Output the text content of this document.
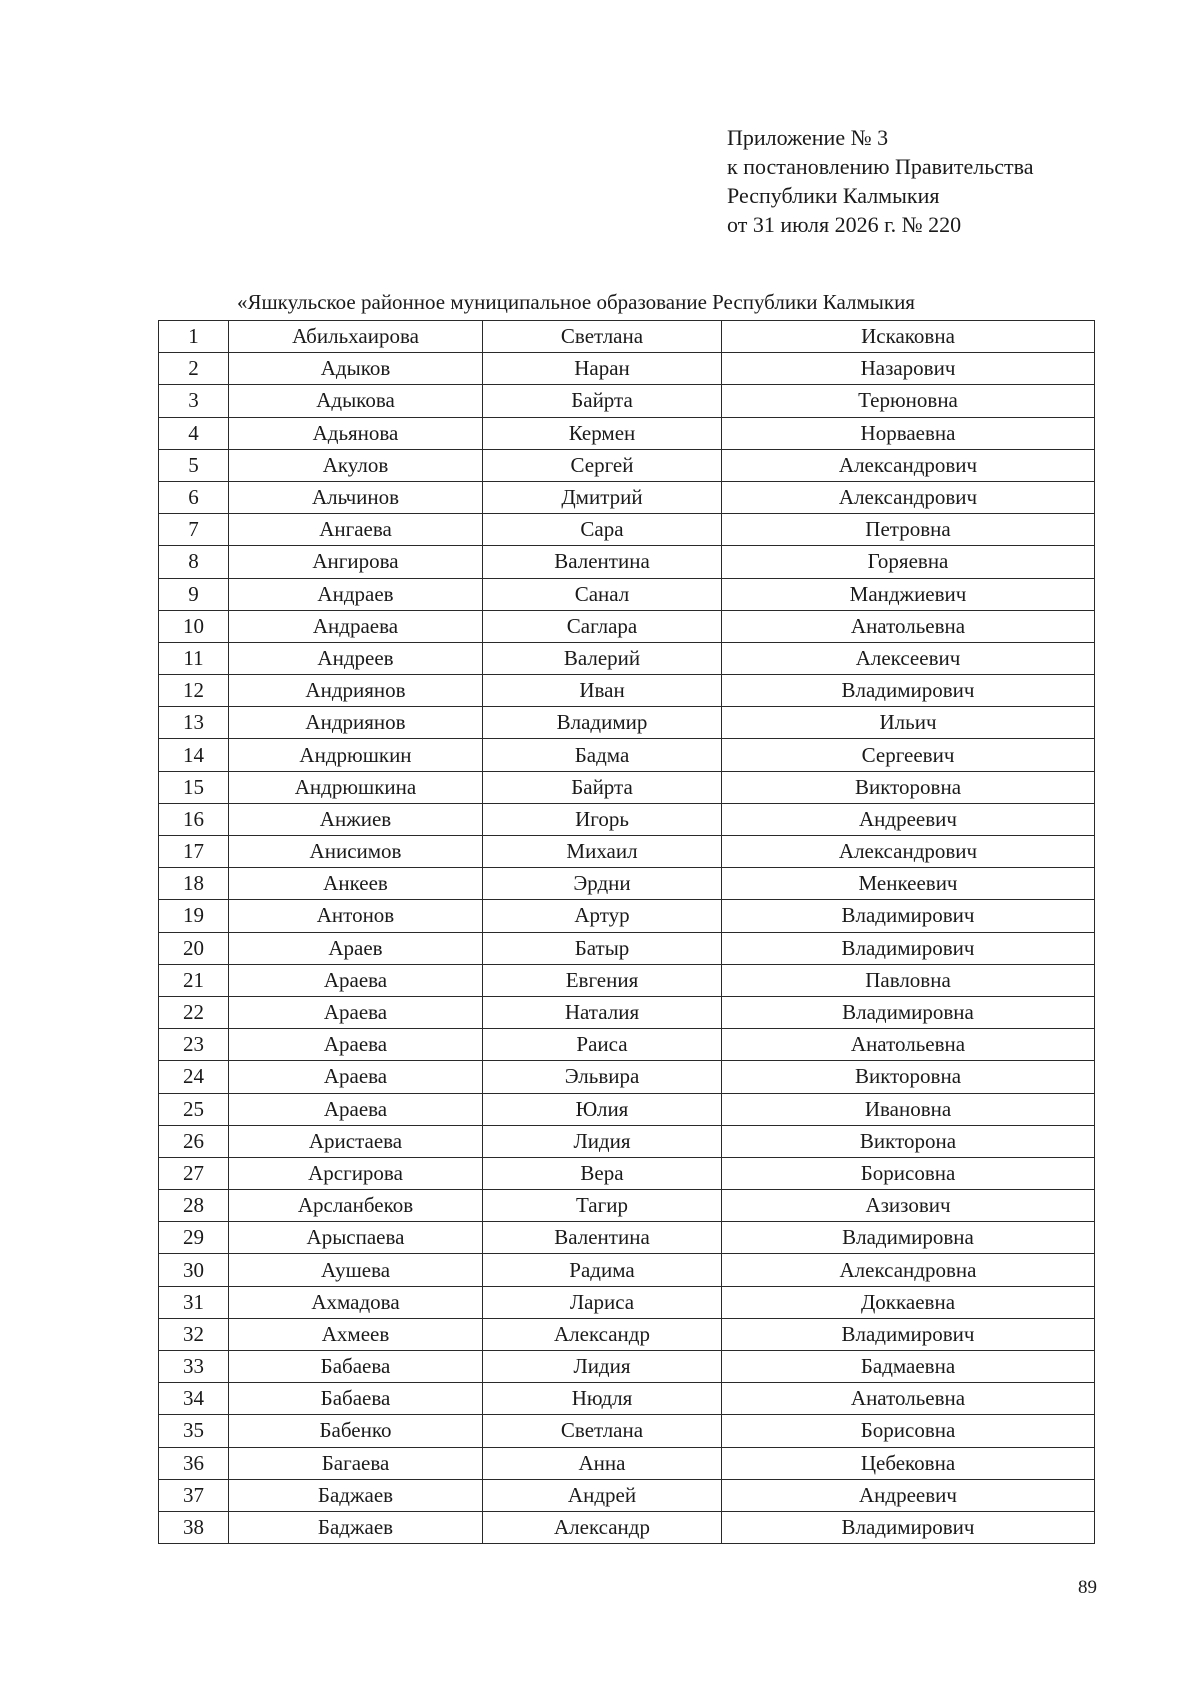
Приложение № 3
к постановлению Правительства
Республики Калмыкия
от 31 июля 2026 г. № 220
«Яшкульское районное муниципальное образование Республики Калмыкия
1	Абильхаирова	Светлана	Искаковна
2	Адыков	Наран	Назарович
3	Адыкова	Байрта	Терюновна
4	Адьянова	Кермен	Норваевна
5	Акулов	Сергей	Александрович
6	Альчинов	Дмитрий	Александрович
7	Ангаева	Сара	Петровна
8	Ангирова	Валентина	Горяевна
9	Андраев	Санал	Манджиевич
10	Андраева	Саглара	Анатольевна
11	Андреев	Валерий	Алексеевич
12	Андриянов	Иван	Владимирович
13	Андриянов	Владимир	Ильич
14	Андрюшкин	Бадма	Сергеевич
15	Андрюшкина	Байрта	Викторовна
16	Анжиев	Игорь	Андреевич
17	Анисимов	Михаил	Александрович
18	Анкеев	Эрдни	Менкеевич
19	Антонов	Артур	Владимирович
20	Араев	Батыр	Владимирович
21	Араева	Евгения	Павловна
22	Араева	Наталия	Владимировна
23	Араева	Раиса	Анатольевна
24	Араева	Эльвира	Викторовна
25	Араева	Юлия	Ивановна
26	Аристаева	Лидия	Викторона
27	Арсгирова	Вера	Борисовна
28	Арсланбеков	Тагир	Азизович
29	Арыспаева	Валентина	Владимировна
30	Аушева	Радима	Александровна
31	Ахмадова	Лариса	Доккаевна
32	Ахмеев	Александр	Владимирович
33	Бабаева	Лидия	Бадмаевна
34	Бабаева	Нюдля	Анатольевна
35	Бабенко	Светлана	Борисовна
36	Багаева	Анна	Цебековна
37	Баджаев	Андрей	Андреевич
38	Баджаев	Александр	Владимирович
89
